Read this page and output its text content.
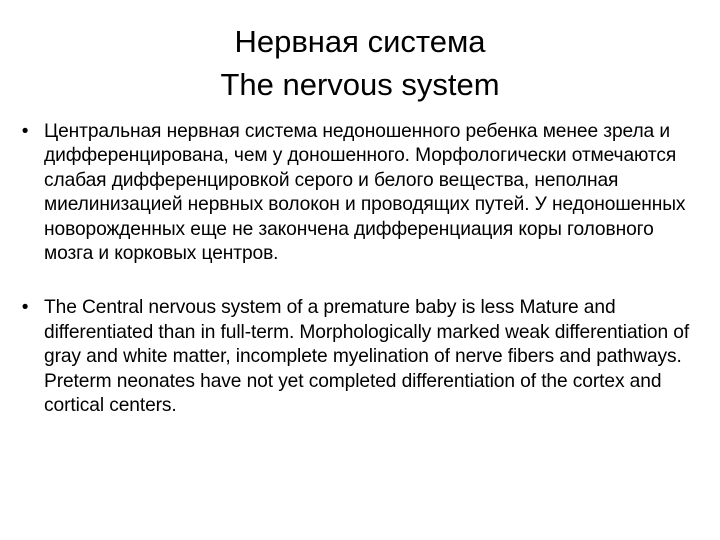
Нервная система
The nervous system
• Центральная нервная система недоношенного ребенка менее зрела и дифференцирована, чем у доношенного. Морфологически отмечаются слабая дифференцировкой серого и белого вещества, неполная миелинизацией нервных волокон и проводящих путей. У недоношенных новорожденных еще не закончена дифференциация коры головного мозга и корковых центров.
• The Central nervous system of a premature baby is less Mature and differentiated than in full-term. Morphologically marked weak differentiation of gray and white matter, incomplete myelination of nerve fibers and pathways. Preterm neonates have not yet completed differentiation of the cortex and cortical centers.
